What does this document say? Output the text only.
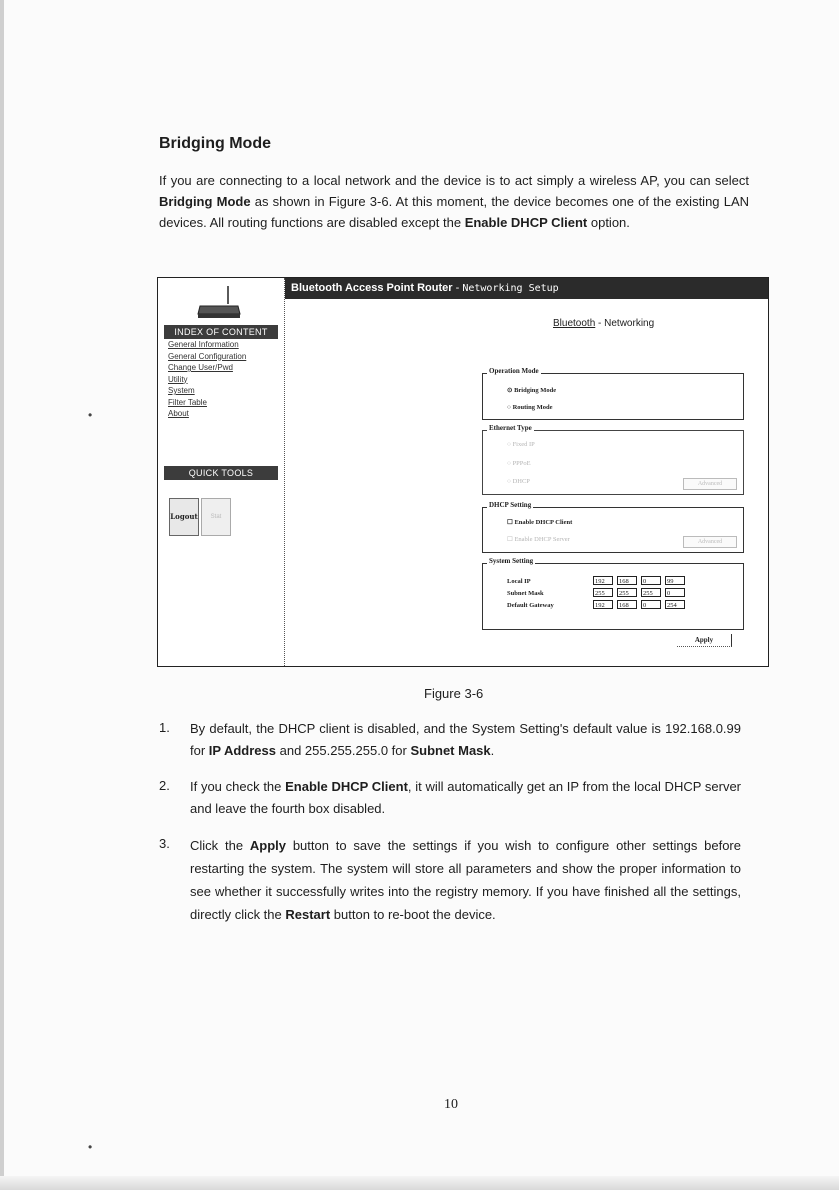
•
•
Bridging Mode
If you are connecting to a local network and the device is to act simply a wireless AP, you can select Bridging Mode as shown in Figure 3-6. At this moment, the device becomes one of the existing LAN devices. All routing functions are disabled except the Enable DHCP Client option.
Bluetooth Access Point Router - Networking Setup
INDEX OF CONTENT
General Information
General Configuration
Change User/Pwd
Utility
System
Filter Table
About
QUICK TOOLS
Logout	Stat
Bluetooth - Networking
Operation Mode
⊙ Bridging Mode
○ Routing Mode
Ethernet Type
○ Fixed IP
○ PPPoE
○ DHCP	Advanced
DHCP Setting
☐ Enable DHCP Client
☐ Enable DHCP Server	Advanced
System Setting
Local IP	192	168	0	99
Subnet Mask	255	255	255	0
Default Gateway	192	168	0	254
Apply
Figure 3-6
1. By default, the DHCP client is disabled, and the System Setting's default value is 192.168.0.99 for IP Address and 255.255.255.0 for Subnet Mask.
2. If you check the Enable DHCP Client, it will automatically get an IP from the local DHCP server and leave the fourth box disabled.
3. Click the Apply button to save the settings if you wish to configure other settings before restarting the system. The system will store all parameters and show the proper information to see whether it successfully writes into the registry memory. If you have finished all the settings, directly click the Restart button to re-boot the device.
10
